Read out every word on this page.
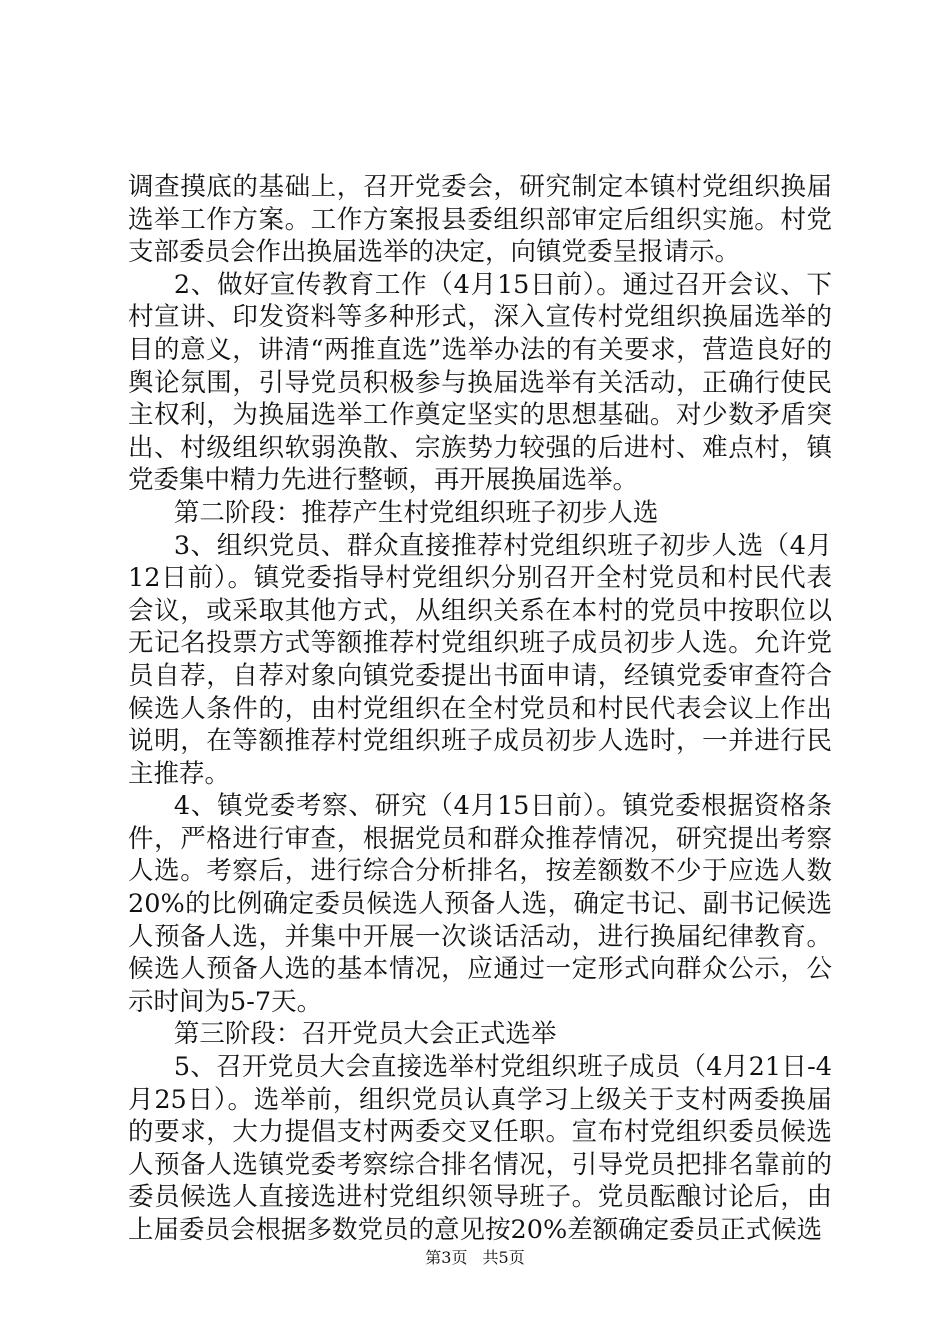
调查摸底的基础上，召开党委会，研究制定本镇村党组织换届选举工作方案。工作方案报县委组织部审定后组织实施。村党支部委员会作出换届选举的决定，向镇党委呈报请示。

2、做好宣传教育工作（4月15日前）。通过召开会议、下村宣讲、印发资料等多种形式，深入宣传村党组织换届选举的目的意义，讲清“两推直选”选举办法的有关要求，营造良好的舆论氛围，引导党员积极参与换届选举有关活动，正确行使民主权利，为换届选举工作奠定坚实的思想基础。对少数矛盾突出、村级组织软弱涣散、宗族势力较强的后进村、难点村，镇党委集中精力先进行整顿，再开展换届选举。

第二阶段：推荐产生村党组织班子初步人选

3、组织党员、群众直接推荐村党组织班子初步人选（4月12日前）。镇党委指导村党组织分别召开全村党员和村民代表会议，或采取其他方式，从组织关系在本村的党员中按职位以无记名投票方式等额推荐村党组织班子成员初步人选。允许党员自荐，自荐对象向镇党委提出书面申请，经镇党委审查符合候选人条件的，由村党组织在全村党员和村民代表会议上作出说明，在等额推荐村党组织班子成员初步人选时，一并进行民主推荐。

4、镇党委考察、研究（4月15日前）。镇党委根据资格条件，严格进行审查，根据党员和群众推荐情况，研究提出考察人选。考察后，进行综合分析排名，按差额数不少于应选人数20%的比例确定委员候选人预备人选，确定书记、副书记候选人预备人选，并集中开展一次谈话活动，进行换届纪律教育。候选人预备人选的基本情况，应通过一定形式向群众公示，公示时间为5-7天。

第三阶段：召开党员大会正式选举

5、召开党员大会直接选举村党组织班子成员（4月21日-4月25日）。选举前，组织党员认真学习上级关于支村两委换届的要求，大力提倡支村两委交叉任职。宣布村党组织委员候选人预备人选镇党委考察综合排名情况，引导党员把排名靠前的委员候选人直接选进村党组织领导班子。党员酝酿讨论后，由上届委员会根据多数党员的意见按20%差额确定委员正式候选

第3页 共5页
